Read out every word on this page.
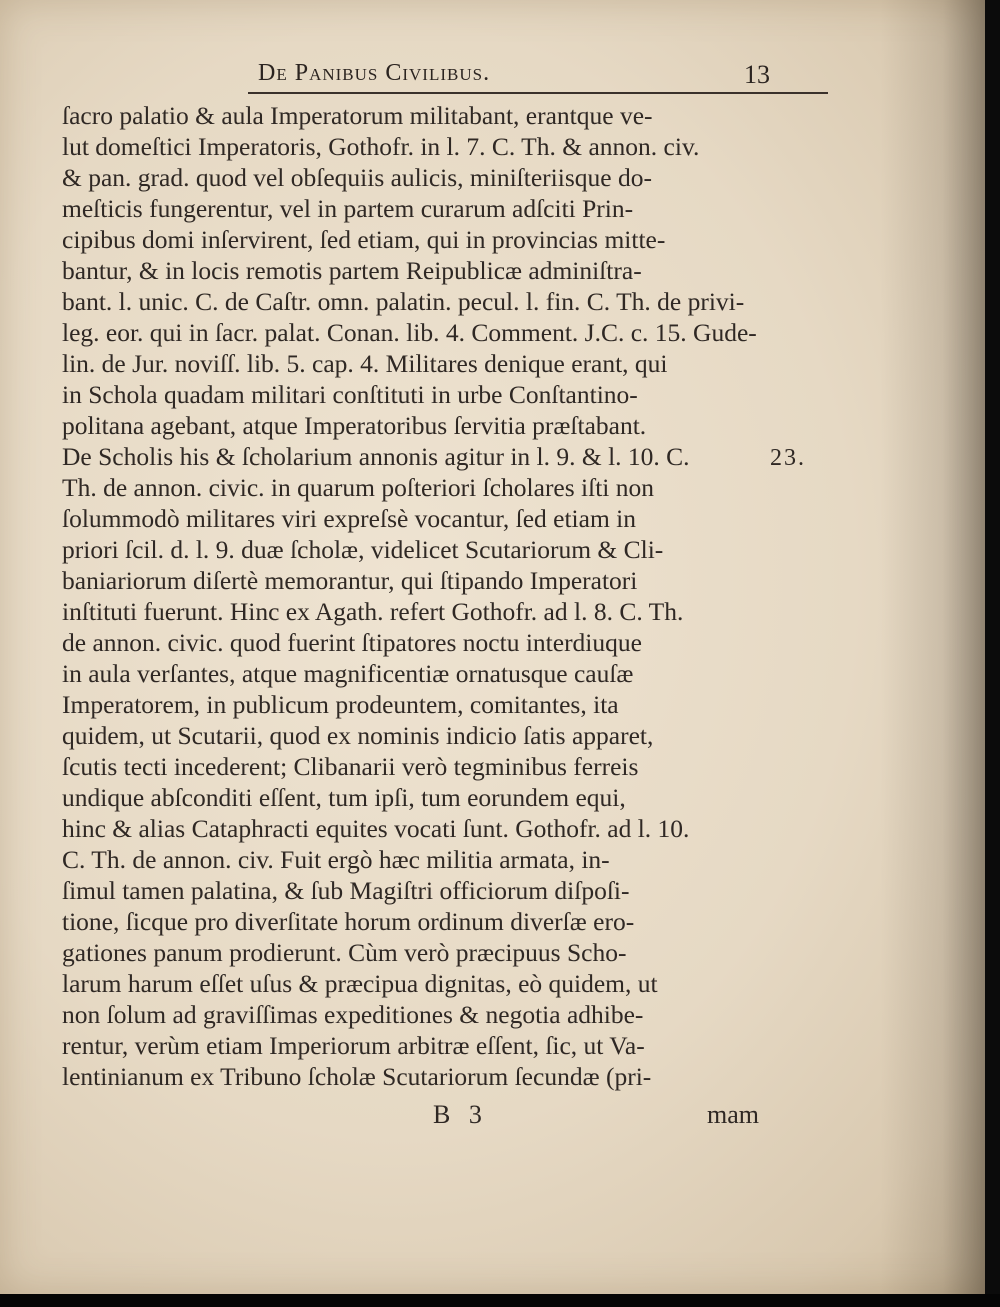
De Panibus Civilibus.	13
ſacro palatio & aula Imperatorum militabant, erantque ve-
lut domeſtici Imperatoris, Gothofr. in l. 7. C. Th. & annon. civ.
& pan. grad. quod vel obſequiis aulicis, miniſteriisque do-
meſticis fungerentur, vel in partem curarum adſciti Prin-
cipibus domi inſervirent, ſed etiam, qui in provincias mitte-
bantur, & in locis remotis partem Reipublicæ adminiſtra-
bant. l. unic. C. de Caſtr. omn. palatin. pecul. l. fin. C. Th. de privi-
leg. eor. qui in ſacr. palat. Conan. lib. 4. Comment. J.C. c. 15. Gude-
lin. de Jur. noviſſ. lib. 5. cap. 4. Militares denique erant, qui
in Schola quadam militari conſtituti in urbe Conſtantino-
politana agebant, atque Imperatoribus ſervitia præſtabant.
De Scholis his & ſcholarium annonis agitur in l. 9. & l. 10. C.
Th. de annon. civic. in quarum poſteriori ſcholares iſti non
ſolummodò militares viri expreſsè vocantur, ſed etiam in
priori ſcil. d. l. 9. duæ ſcholæ, videlicet Scutariorum & Cli-
baniariorum diſertè memorantur, qui ſtipando Imperatori
inſtituti fuerunt. Hinc ex Agath. refert Gothofr. ad l. 8. C. Th.
de annon. civic. quod fuerint ſtipatores noctu interdiuque
in aula verſantes, atque magnificentiæ ornatusque cauſæ
Imperatorem, in publicum prodeuntem, comitantes, ita
quidem, ut Scutarii, quod ex nominis indicio ſatis apparet,
ſcutis tecti incederent; Clibanarii verò tegminibus ferreis
undique abſconditi eſſent, tum ipſi, tum eorundem equi,
hinc & alias Cataphracti equites vocati ſunt. Gothofr. ad l. 10.
C. Th. de annon. civ. Fuit ergò hæc militia armata, in-
ſimul tamen palatina, & ſub Magiſtri officiorum diſpoſi-
tione, ſicque pro diverſitate horum ordinum diverſæ ero-
gationes panum prodierunt. Cùm verò præcipuus Scho-
larum harum eſſet uſus & præcipua dignitas, eò quidem, ut
non ſolum ad graviſſimas expeditiones & negotia adhibe-
rentur, verùm etiam Imperiorum arbitræ eſſent, ſic, ut Va-
lentinianum ex Tribuno ſcholæ Scutariorum ſecundæ (pri-
23.
B 3	mam
